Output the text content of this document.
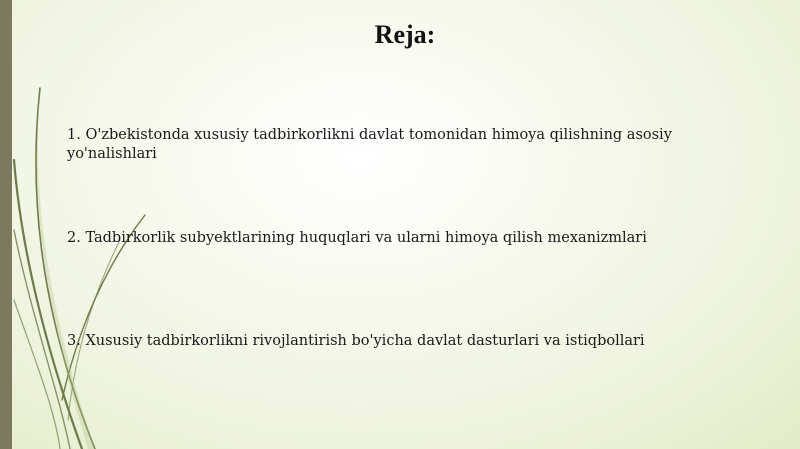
Reja:
1. O'zbekistonda xususiy tadbirkorlikni davlat tomonidan himoya qilishning asosiy yo'nalishlari
2. Tadbirkorlik subyektlarining huquqlari va ularni himoya qilish mexanizmlari
3. Xususiy tadbirkorlikni rivojlantirish bo'yicha davlat dasturlari va istiqbollari
